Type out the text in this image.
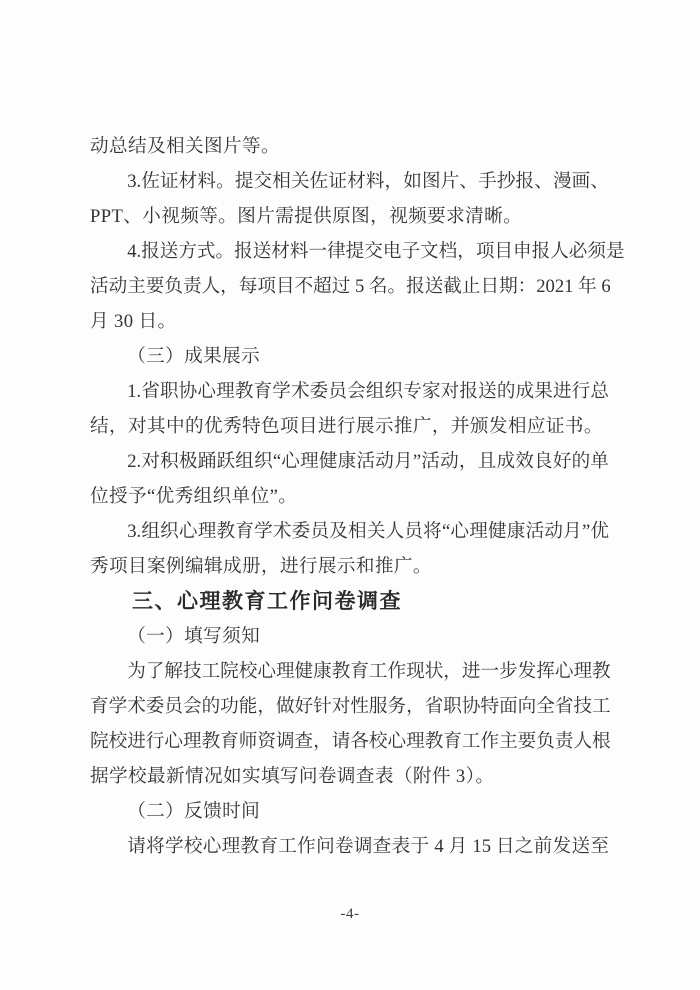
动总结及相关图片等。
3.佐证材料。提交相关佐证材料，如图片、手抄报、漫画、
PPT、小视频等。图片需提供原图，视频要求清晰。
4.报送方式。报送材料一律提交电子文档，项目申报人必须是
活动主要负责人，每项目不超过 5 名。报送截止日期：2021 年 6
月 30 日。
（三）成果展示
1.省职协心理教育学术委员会组织专家对报送的成果进行总
结，对其中的优秀特色项目进行展示推广，并颁发相应证书。
2.对积极踊跃组织“心理健康活动月”活动，且成效良好的单
位授予“优秀组织单位”。
3.组织心理教育学术委员及相关人员将“心理健康活动月”优
秀项目案例编辑成册，进行展示和推广。
三、心理教育工作问卷调查
（一）填写须知
为了解技工院校心理健康教育工作现状，进一步发挥心理教
育学术委员会的功能，做好针对性服务，省职协特面向全省技工
院校进行心理教育师资调查，请各校心理教育工作主要负责人根
据学校最新情况如实填写问卷调查表（附件 3）。
（二）反馈时间
请将学校心理教育工作问卷调查表于 4 月 15 日之前发送至
-4-
